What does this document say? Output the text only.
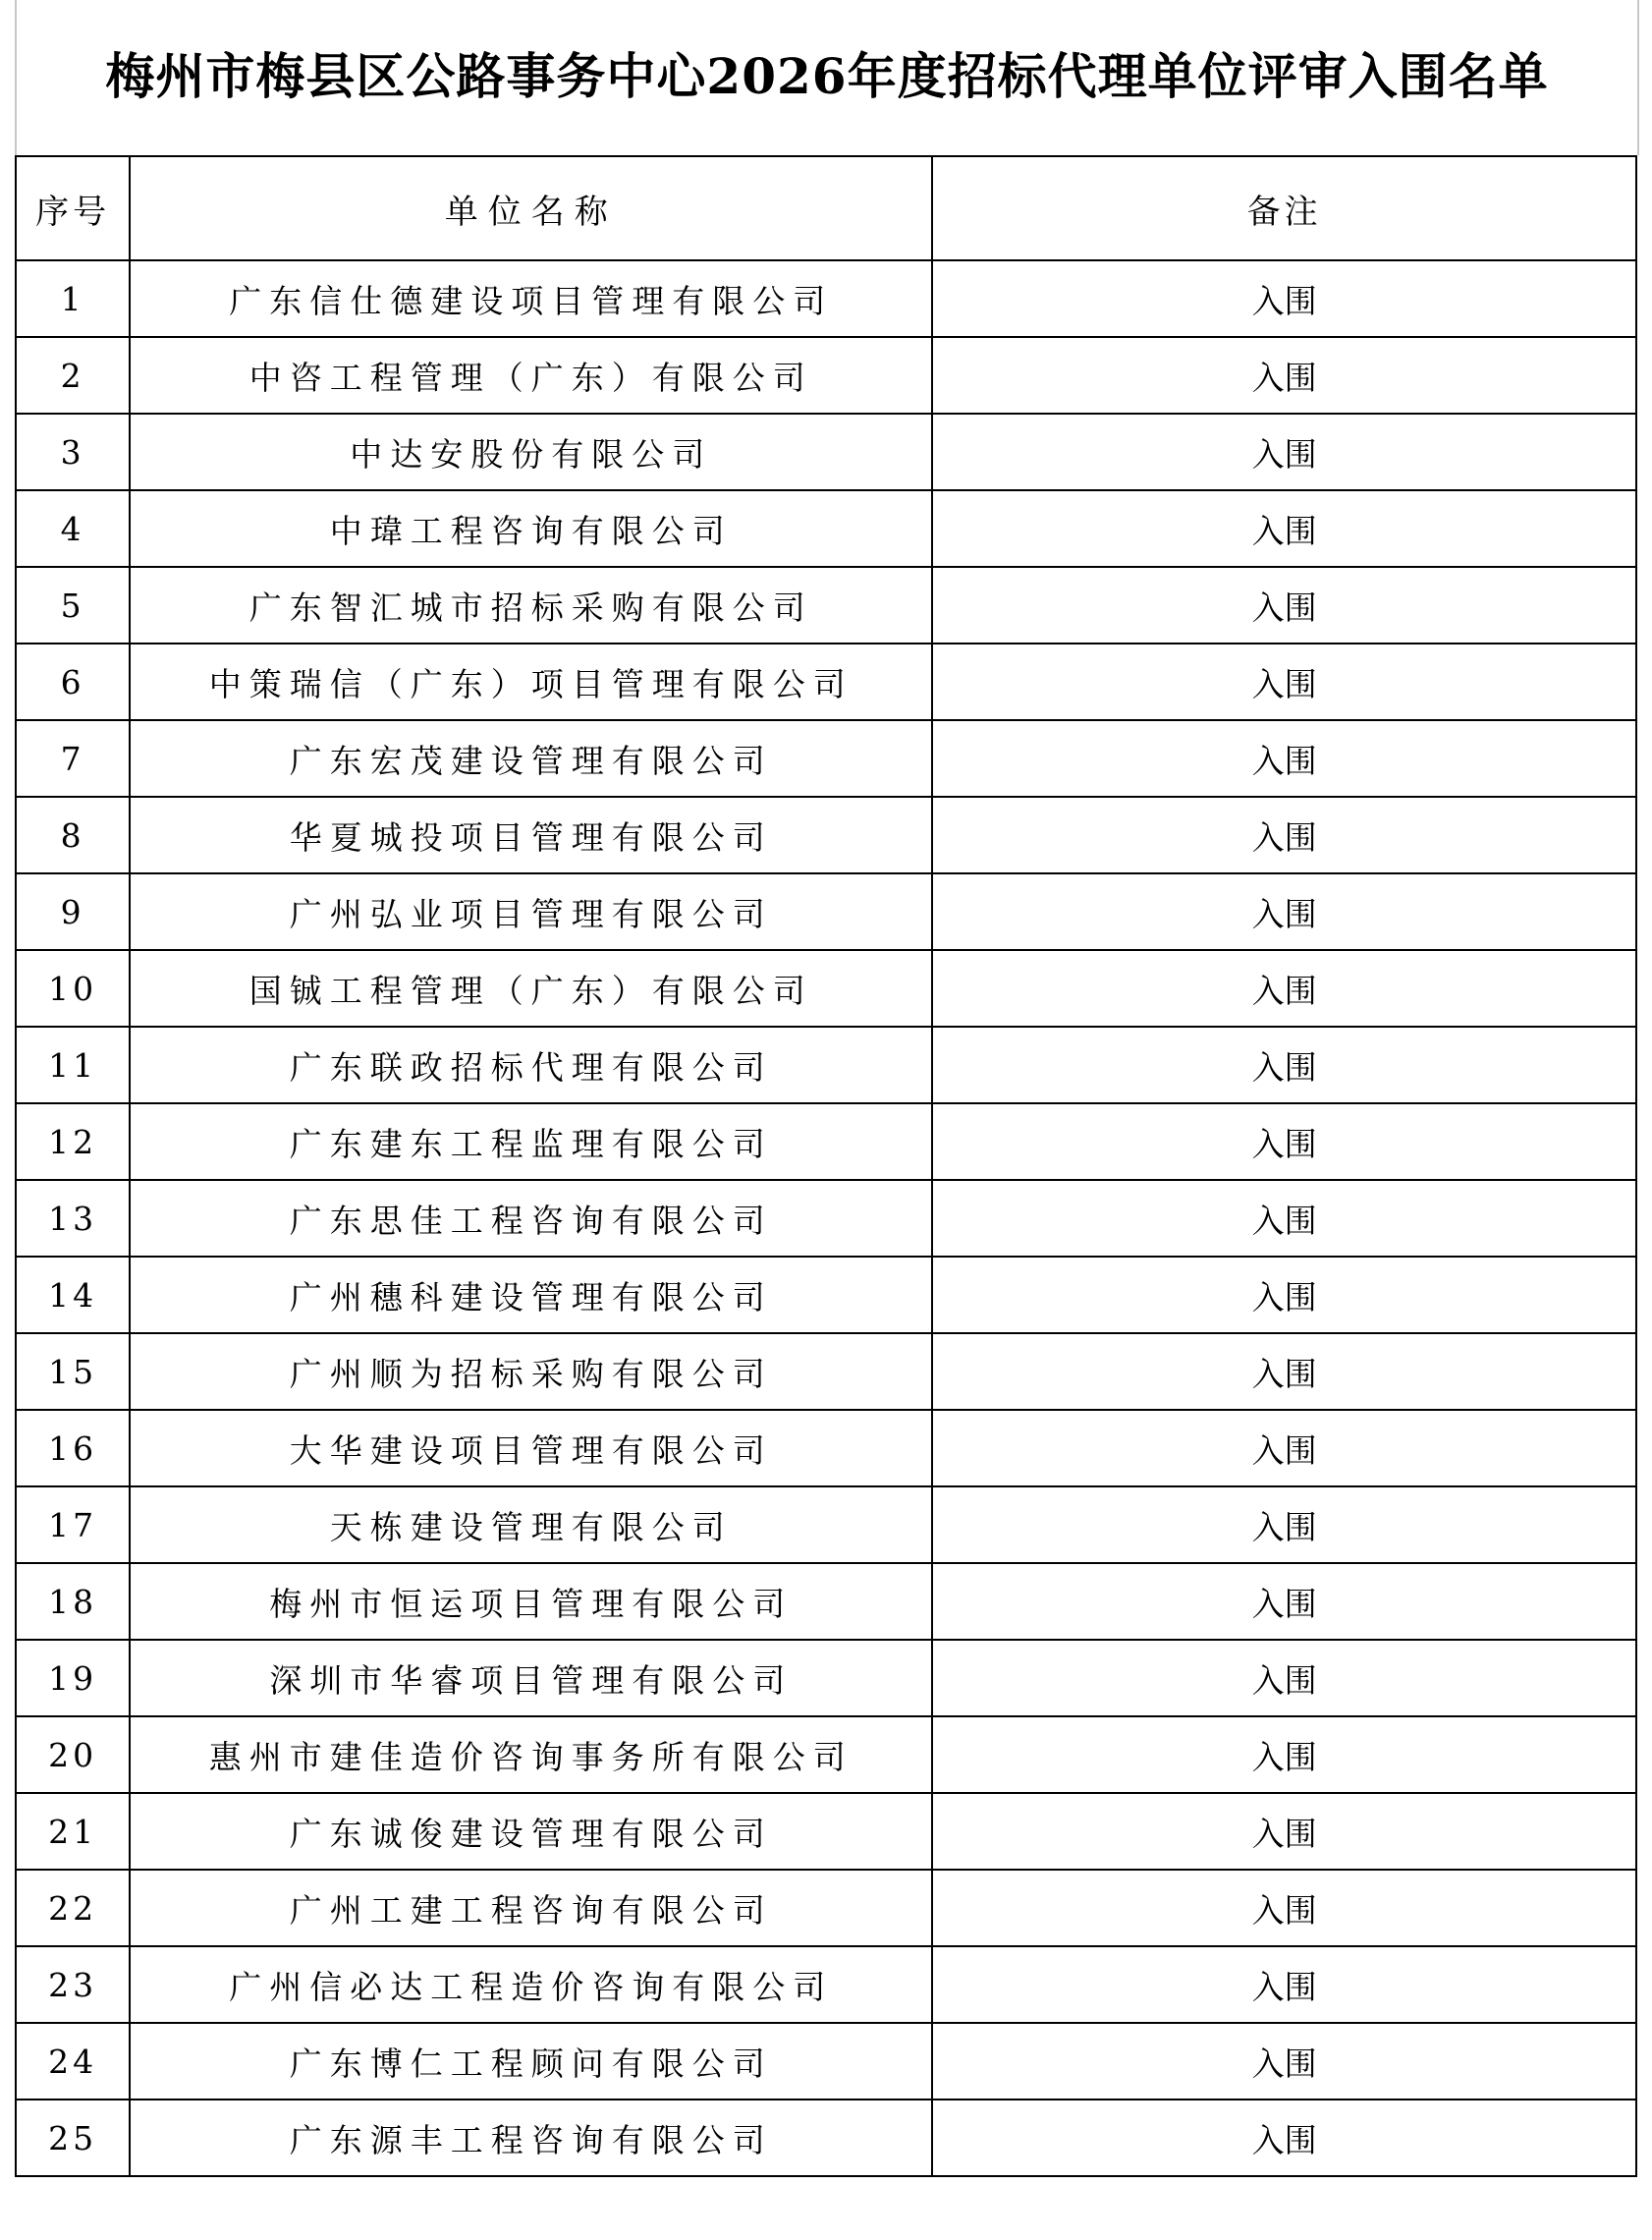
梅州市梅县区公路事务中心2026年度招标代理单位评审入围名单
序号	单位名称	备注
1	广东信仕德建设项目管理有限公司	入围
2	中咨工程管理（广东）有限公司	入围
3	中达安股份有限公司	入围
4	中瑋工程咨询有限公司	入围
5	广东智汇城市招标采购有限公司	入围
6	中策瑞信（广东）项目管理有限公司	入围
7	广东宏茂建设管理有限公司	入围
8	华夏城投项目管理有限公司	入围
9	广州弘业项目管理有限公司	入围
10	国铖工程管理（广东）有限公司	入围
11	广东联政招标代理有限公司	入围
12	广东建东工程监理有限公司	入围
13	广东思佳工程咨询有限公司	入围
14	广州穗科建设管理有限公司	入围
15	广州顺为招标采购有限公司	入围
16	大华建设项目管理有限公司	入围
17	天栋建设管理有限公司	入围
18	梅州市恒运项目管理有限公司	入围
19	深圳市华睿项目管理有限公司	入围
20	惠州市建佳造价咨询事务所有限公司	入围
21	广东诚俊建设管理有限公司	入围
22	广州工建工程咨询有限公司	入围
23	广州信必达工程造价咨询有限公司	入围
24	广东博仁工程顾问有限公司	入围
25	广东源丰工程咨询有限公司	入围
